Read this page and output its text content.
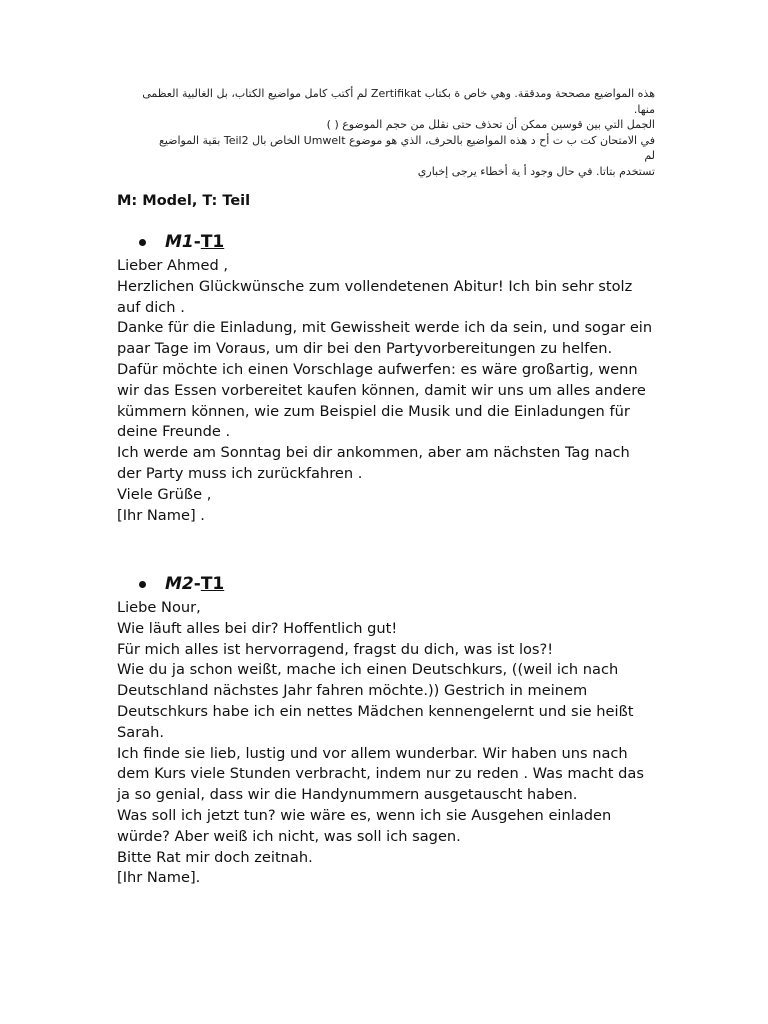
هذه المواضيع مصححة ومدققة. وهي خاص ة بكتاب Zertifikat لم أكتب كامل مواضيع الكتاب، بل الغالبية العظمى
منها.
الجمل التي بين قوسين ممكن أن تحذف حتى نقلل من حجم الموضوع ( )
في الامتحان كت ب ت أح د هذه المواضيع بالحرف، الذي هو موضوع Umwelt الخاص بال Teil2 بقية المواضيع
لم
تستخدم بتاتا. في حال وجود أ ية أخطاء يرجى إخباري
M: Model, T: Teil
M1 - T1
Lieber Ahmed ,
Herzlichen Glückwünsche zum vollendetenen Abitur! Ich bin sehr stolz
auf dich .
Danke für die Einladung, mit Gewissheit werde ich da sein, und sogar ein
paar Tage im Voraus, um dir bei den Partyvorbereitungen zu helfen.
Dafür möchte ich einen Vorschlage aufwerfen: es wäre großartig, wenn
wir das Essen vorbereitet kaufen können, damit wir uns um alles andere
kümmern können, wie zum Beispiel die Musik und die Einladungen für
deine Freunde .
Ich werde am Sonntag bei dir ankommen, aber am nächsten Tag nach
der Party muss ich zurückfahren .
Viele Grüße ,
[Ihr Name] .
M2 - T1
Liebe Nour,
Wie läuft alles bei dir? Hoffentlich gut!
Für mich alles ist hervorragend, fragst du dich, was ist los?!
Wie du ja schon weißt, mache ich einen Deutschkurs, ((weil ich nach
Deutschland nächstes Jahr fahren möchte.)) Gestrich in meinem
Deutschkurs habe ich ein nettes Mädchen kennengelernt und sie heißt
Sarah.
Ich finde sie lieb, lustig und vor allem wunderbar. Wir haben uns nach
dem Kurs viele Stunden verbracht, indem nur zu reden . Was macht das
ja so genial, dass wir die Handynummern ausgetauscht haben.
Was soll ich jetzt tun? wie wäre es, wenn ich sie Ausgehen einladen
würde? Aber weiß ich nicht, was soll ich sagen.
Bitte Rat mir doch zeitnah.
[Ihr Name].
